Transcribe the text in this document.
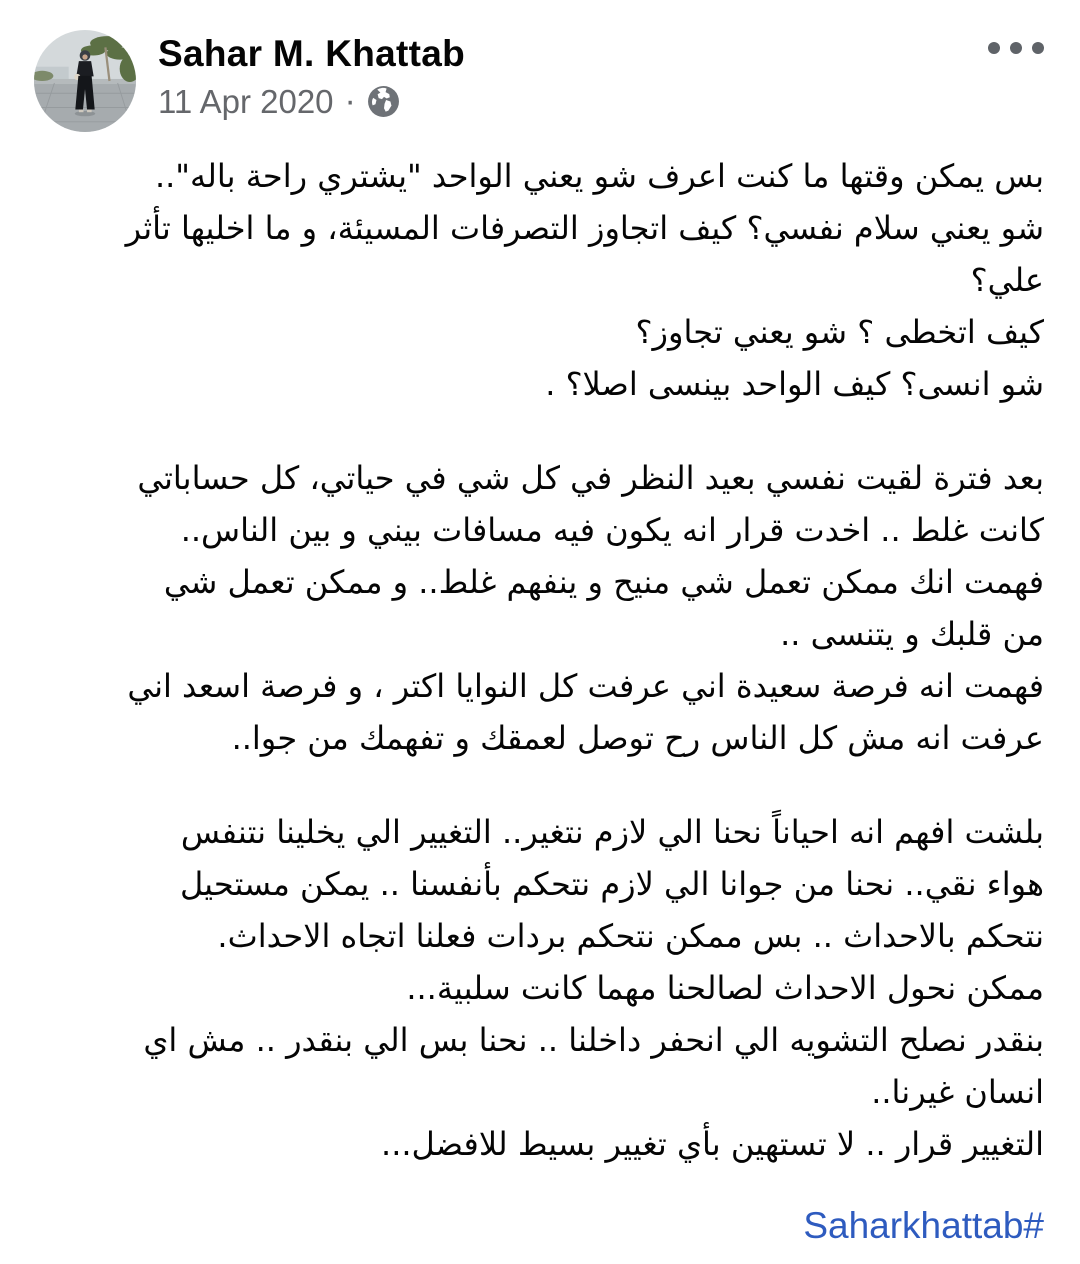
Sahar M. Khattab
11 Apr 2020 ·
بس يمكن وقتها ما كنت اعرف شو يعني الواحد "يشتري راحة باله"..
شو يعني سلام نفسي؟ كيف اتجاوز التصرفات المسيئة، و ما اخليها تأثر
علي؟
كيف اتخطى ؟ شو يعني تجاوز؟
شو انسى؟ كيف الواحد بينسى اصلا؟ .
بعد فترة لقيت نفسي بعيد النظر في كل شي في حياتي، كل حساباتي
كانت غلط .. اخدت قرار انه يكون فيه مسافات بيني و بين الناس..
فهمت انك ممكن تعمل شي منيح و ينفهم غلط.. و ممكن تعمل شي
من قلبك و يتنسى ..
فهمت انه فرصة سعيدة اني عرفت كل النوايا اكتر ، و فرصة اسعد اني
عرفت انه مش كل الناس رح توصل لعمقك و تفهمك من جوا..
بلشت افهم انه احياناً نحنا الي لازم نتغير.. التغيير الي يخلينا نتنفس
هواء نقي.. نحنا من جوانا الي لازم نتحكم بأنفسنا .. يمكن مستحيل
نتحكم بالاحداث .. بس ممكن نتحكم بردات فعلنا اتجاه الاحداث.
ممكن نحول الاحداث لصالحنا مهما كانت سلبية...
بنقدر نصلح التشويه الي انحفر داخلنا .. نحنا بس الي بنقدر .. مش اي
انسان غيرنا..
التغيير قرار .. لا تستهين بأي تغيير بسيط للافضل...
#Saharkhattab
